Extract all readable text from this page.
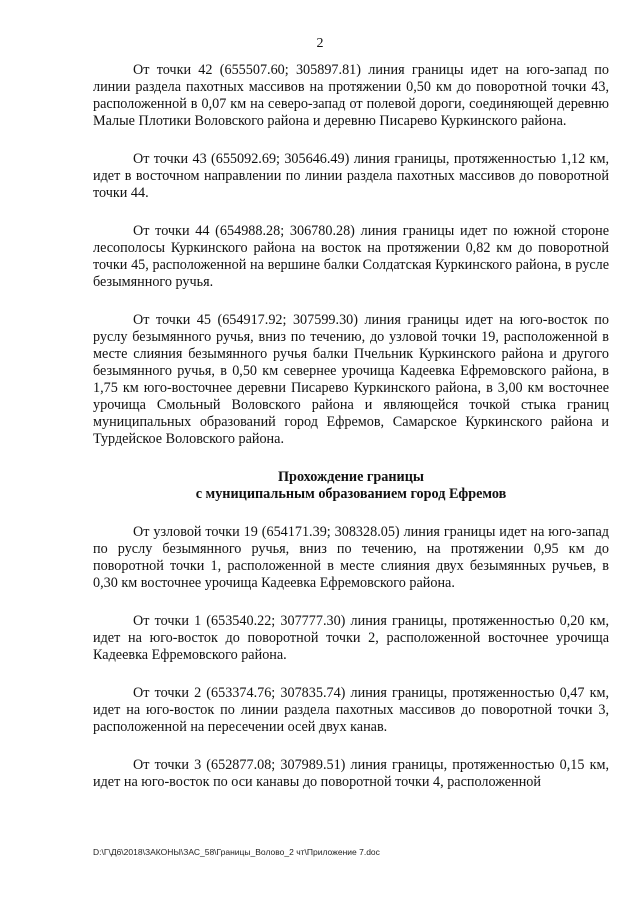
2

От точки 42 (655507.60; 305897.81) линия границы идет на юго-запад по линии раздела пахотных массивов на протяжении 0,50 км до поворотной точки 43, расположенной в 0,07 км на северо-запад от полевой дороги, соединяющей деревню Малые Плотики Воловского района и деревню Писарево Куркинского района.

От точки 43 (655092.69; 305646.49) линия границы, протяженностью 1,12 км, идет в восточном направлении по линии раздела пахотных массивов до поворотной точки 44.

От точки 44 (654988.28; 306780.28) линия границы идет по южной стороне лесополосы Куркинского района на восток на протяжении 0,82 км до поворотной точки 45, расположенной на вершине балки Солдатская Куркинского района, в русле безымянного ручья.

От точки 45 (654917.92; 307599.30) линия границы идет на юго-восток по руслу безымянного ручья, вниз по течению, до узловой точки 19, расположенной в месте слияния безымянного ручья балки Пчельник Куркинского района и другого безымянного ручья, в 0,50 км севернее урочища Кадеевка Ефремовского района, в 1,75 км юго-восточнее деревни Писарево Куркинского района, в 3,00 км восточнее урочища Смольный Воловского района и являющейся точкой стыка границ муниципальных образований город Ефремов, Самарское Куркинского района и Турдейское Воловского района.

Прохождение границы
с муниципальным образованием город Ефремов

От узловой точки 19 (654171.39; 308328.05) линия границы идет на юго-запад по руслу безымянного ручья, вниз по течению, на протяжении 0,95 км до поворотной точки 1, расположенной в месте слияния двух безымянных ручьев, в 0,30 км восточнее урочища Кадеевка Ефремовского района.

От точки 1 (653540.22; 307777.30) линия границы, протяженностью 0,20 км, идет на юго-восток до поворотной точки 2, расположенной восточнее урочища Кадеевка Ефремовского района.

От точки 2 (653374.76; 307835.74) линия границы, протяженностью 0,47 км, идет на юго-восток по линии раздела пахотных массивов до поворотной точки 3, расположенной на пересечении осей двух канав.

От точки 3 (652877.08; 307989.51) линия границы, протяженностью 0,15 км, идет на юго-восток по оси канавы до поворотной точки 4, расположенной

D:\Г\Д6\2018\ЗАКОНЫ\ЗАС_58\Границы_Волово_2 чт\Приложение 7.doc
